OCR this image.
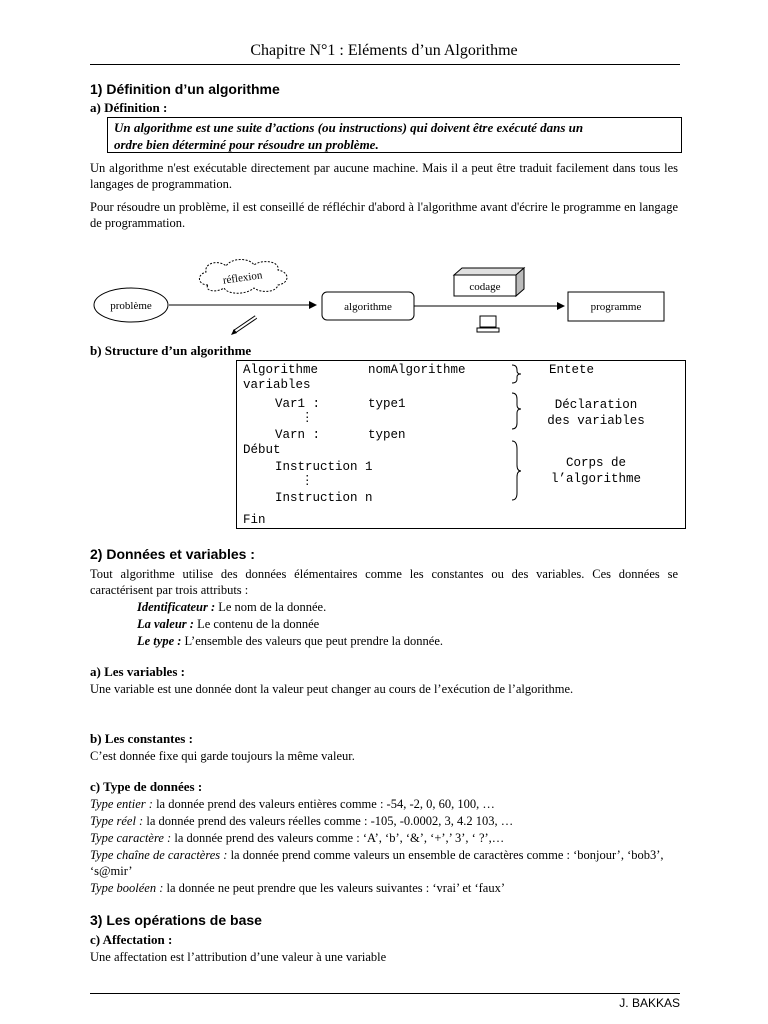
Chapitre N°1 : Eléments d’un Algorithme
1) Définition d’un algorithme
a) Définition :
Un algorithme est une suite d’actions (ou instructions) qui doivent être exécuté dans un
ordre bien déterminé pour résoudre un problème.
Un algorithme n'est exécutable directement par aucune machine. Mais il a peut être traduit facilement dans tous les langages de programmation.
Pour résoudre un problème, il est conseillé de réfléchir d'abord à l'algorithme avant d'écrire le programme en langage de programmation.
problème
réflexion
algorithme
codage
programme
b) Structure d’un algorithme
Algorithme	nomAlgorithme
variables
Var1 :	type1
⋮
Varn :	typen
Début
Instruction 1
⋮
Instruction n
Fin
Entete
Déclaration
des variables
Corps de
l’algorithme
2) Données et variables :
Tout algorithme utilise des données élémentaires comme les constantes ou des variables. Ces données se caractérisent par trois attributs :
Identificateur : Le nom de la donnée.
La valeur : Le contenu de la donnée
Le type : L’ensemble des valeurs que peut prendre la donnée.
a) Les variables :
Une variable est une donnée dont la valeur peut changer au cours de l’exécution de l’algorithme.
b) Les constantes :
C’est donnée fixe qui garde toujours la même valeur.
c) Type de données :
Type entier : la donnée prend des valeurs entières comme : -54, -2, 0, 60, 100, …
Type réel : la donnée prend des valeurs réelles comme : -105, -0.0002, 3, 4.2 103, …
Type caractère : la donnée prend des valeurs comme : ‘A’, ‘b’, ‘&’, ‘+’,’ 3’, ‘ ?’,…
Type chaîne de caractères : la donnée prend comme valeurs un ensemble de caractères comme : ‘bonjour’, ‘bob3’, ‘s@mir’
Type booléen : la donnée ne peut prendre que les valeurs suivantes : ‘vrai’ et ‘faux’
3) Les opérations de base
c) Affectation :
Une affectation est l’attribution d’une valeur à une variable
J. BAKKAS
